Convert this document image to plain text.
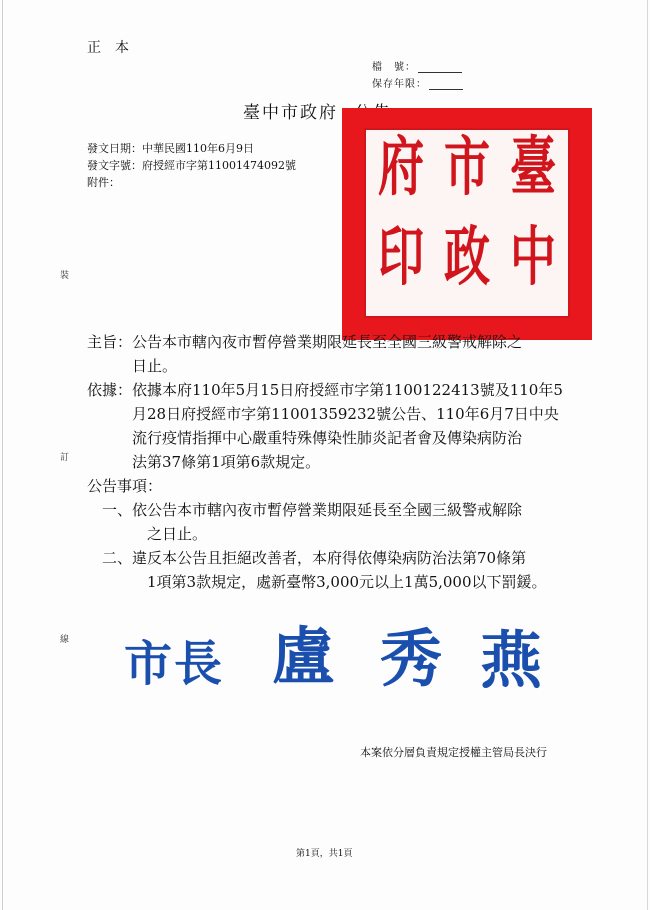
正本
檔　號：
保存年限：
臺中市政府
發文日期：中華民國110年6月9日
發文字號：府授經市字第11001474092號
附件：	臺
中
市
政
府
印
裝
訂
線
主旨：公告本市轄內夜市暫停營業期限延長至全國三級警戒解除之
日止。
依據：依據本府110年5月15日府授經市字第1100122413號及110年5
月28日府授經市字第11001359232號公告、110年6月7日中央
流行疫情指揮中心嚴重特殊傳染性肺炎記者會及傳染病防治
法第37條第1項第6款規定。
公告事項：
一、依公告本市轄內夜市暫停營業期限延長至全國三級警戒解除
之日止。
二、違反本公告且拒絕改善者，本府得依傳染病防治法第70條第
1項第3款規定，處新臺幣3,000元以上1萬5,000以下罰鍰。
市 長 盧 秀 燕
本案依分層負責規定授權主管局長決行
第1頁，共1頁
